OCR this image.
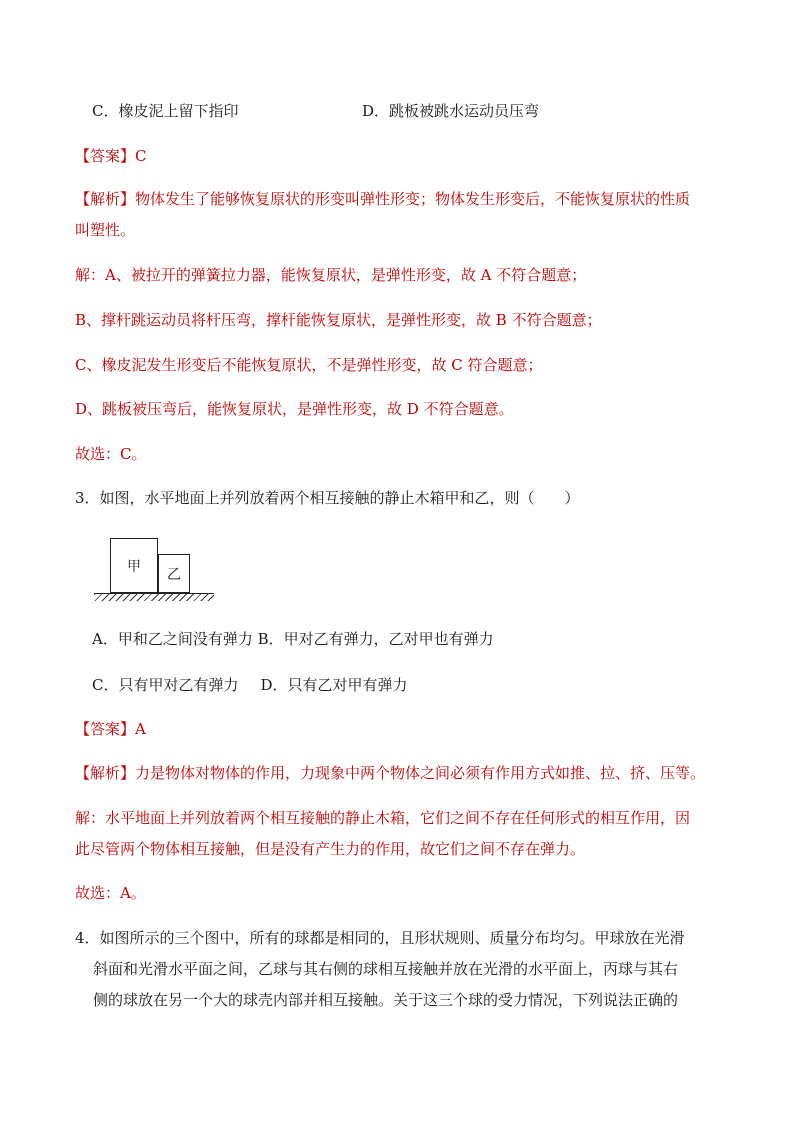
C．橡皮泥上留下指印	D．跳板被跳水运动员压弯
【答案】C
【解析】物体发生了能够恢复原状的形变叫弹性形变；物体发生形变后，不能恢复原状的性质
叫塑性。
解：A、被拉开的弹簧拉力器，能恢复原状，是弹性形变，故 A 不符合题意；
B、撑杆跳运动员将杆压弯，撑杆能恢复原状，是弹性形变，故 B 不符合题意；
C、橡皮泥发生形变后不能恢复原状，不是弹性形变，故 C 符合题意；
D、跳板被压弯后，能恢复原状，是弹性形变，故 D 不符合题意。
故选：C。
3．如图，水平地面上并列放着两个相互接触的静止木箱甲和乙，则（　　）
甲	乙
A．甲和乙之间没有弹力 B．甲对乙有弹力，乙对甲也有弹力
C．只有甲对乙有弹力 D．只有乙对甲有弹力
【答案】A
【解析】力是物体对物体的作用，力现象中两个物体之间必须有作用方式如推、拉、挤、压等。
解：水平地面上并列放着两个相互接触的静止木箱，它们之间不存在任何形式的相互作用，因
此尽管两个物体相互接触，但是没有产生力的作用，故它们之间不存在弹力。
故选：A。
4．如图所示的三个图中，所有的球都是相同的，且形状规则、质量分布均匀。甲球放在光滑
斜面和光滑水平面之间，乙球与其右侧的球相互接触并放在光滑的水平面上，丙球与其右
侧的球放在另一个大的球壳内部并相互接触。关于这三个球的受力情况，下列说法正确的
